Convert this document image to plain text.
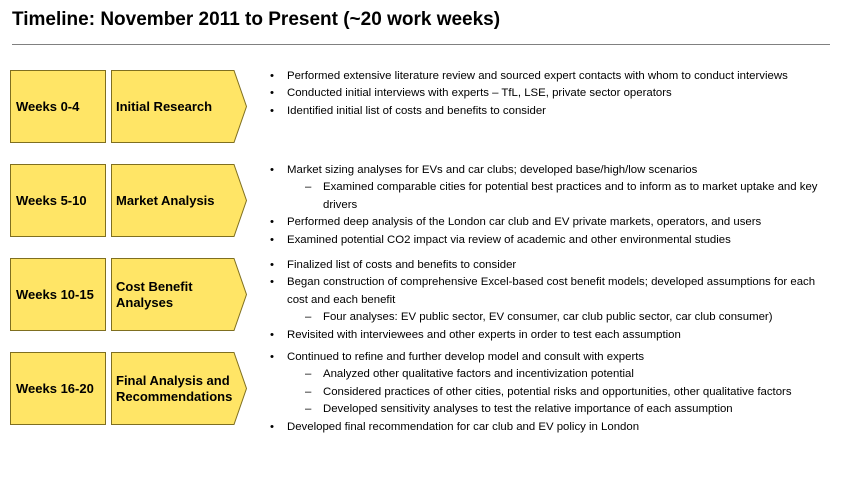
Timeline: November 2011 to Present (~20 work weeks)
Weeks 0-4	Initial Research
• Performed extensive literature review and sourced expert contacts with whom to conduct interviews
• Conducted initial interviews with experts – TfL, LSE, private sector operators
• Identified initial list of costs and benefits to consider
Weeks 5-10 Market Analysis
• Market sizing analyses for EVs and car clubs; developed base/high/low scenarios
– Examined comparable cities for potential best practices and to inform as to market uptake and key drivers
• Performed deep analysis of the London car club and EV private markets, operators, and users
• Examined potential CO2 impact via review of academic and other environmental studies
Weeks 10-15
Cost Benefit Analyses
• Finalized list of costs and benefits to consider
• Began construction of comprehensive Excel-based cost benefit models; developed assumptions for each cost and each benefit
– Four analyses: EV public sector, EV consumer, car club public sector, car club consumer)
• Revisited with interviewees and other experts in order to test each assumption
Weeks 16-20
Final Analysis and Recommendations
• Continued to refine and further develop model and consult with experts
– Analyzed other qualitative factors and incentivization potential
– Considered practices of other cities, potential risks and opportunities, other qualitative factors
– Developed sensitivity analyses to test the relative importance of each assumption
• Developed final recommendation for car club and EV policy in London
